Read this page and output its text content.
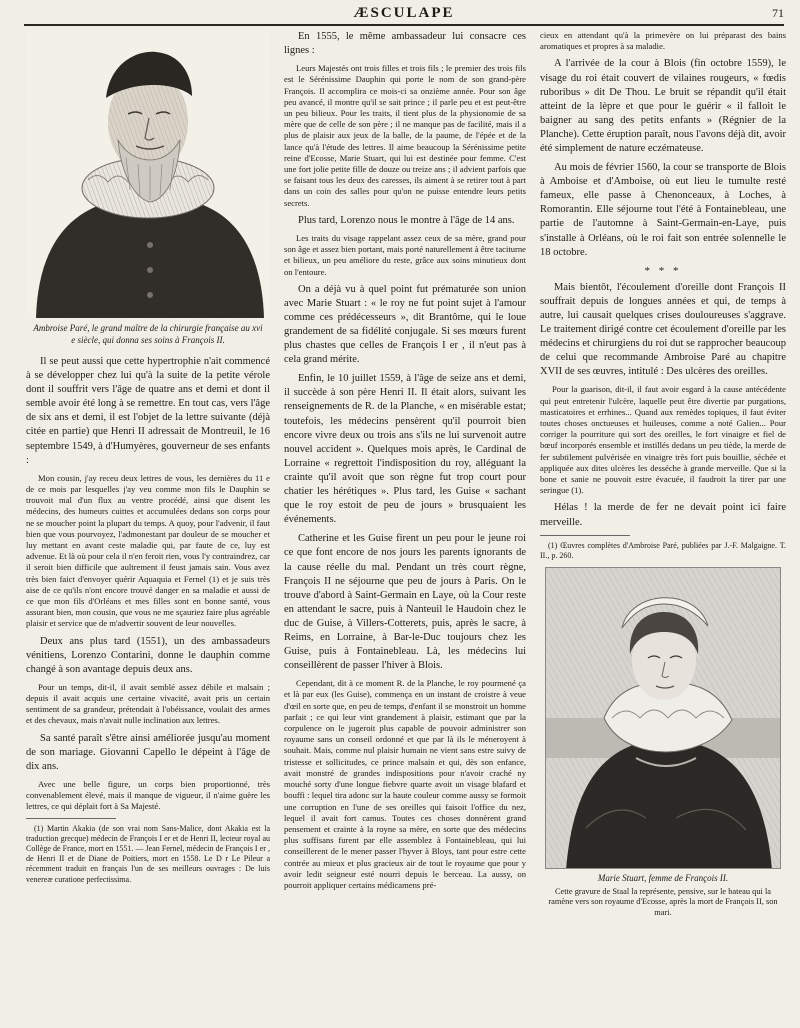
ÆSCULAPE	71

Ambroise Paré, le grand maître de la chirurgie française au xvi e siècle, qui donna ses soins à François II.

Il se peut aussi que cette hypertrophie n'ait commencé à se développer chez lui qu'à la suite de la petite vérole dont il souffrit vers l'âge de quatre ans et demi et dont il semble avoir été long à se remettre. En tout cas, vers l'âge de six ans et demi, il est l'objet de la lettre suivante (déjà citée en partie) que Henri II adressait de Montreuil, le 16 septembre 1549, à d'Humyères, gouverneur de ses enfants :

Mon cousin, j'ay receu deux lettres de vous, les dernières du 11 e de ce mois par lesquelles j'ay veu comme mon fils le Dauphin se trouvoit mal d'un flux au ventre procédé, ainsi que disent les médecins, des humeurs cuittes et accumulées dedans son corps pour ne se moucher point la plupart du temps. A quoy, pour l'advenir, il faut bien que vous pourvoyez, l'admonestant par douleur de se moucher et luy mettant en avant ceste maladie qui, par faute de ce, luy est advenue. Et là où pour cela il n'en feroit rien, vous l'y contraindrez, car il seroit bien difficile que aultrement il feust jamais sain. Vous avez très bien faict d'envoyer quérir Aquaquia et Fernel (1) et je suis très aise de ce qu'ils n'ont encore trouvé danger en sa maladie et aussi de ce que mon fils d'Orléans et mes filles sont en bonne santé, vous assurant bien, mon cousin, que vous ne me sçauriez faire plus agréable plaisir et service que de m'advertir souvent de leur nouvelles.

Deux ans plus tard (1551), un des ambassadeurs vénitiens, Lorenzo Contarini, donne le dauphin comme changé à son avantage depuis deux ans.

Pour un temps, dit-il, il avait semblé assez débile et malsain ; depuis il avait acquis une certaine vivacité, avait pris un certain sentiment de sa grandeur, prétendait à l'obéissance, voulait des armes et des chevaux, mais n'avait nulle inclination aux lettres.

Sa santé paraît s'être ainsi améliorée jusqu'au moment de son mariage. Giovanni Capello le dépeint à l'âge de dix ans.

Avec une belle figure, un corps bien proportionné, très convenablement élevé, mais il manque de vigueur, il n'aime guère les lettres, ce qui déplait fort à Sa Majesté.

(1) Martin Akakia (de son vrai nom Sans-Malice, dont Akakia est la traduction grecque) médecin de François I er et de Henri II, lecteur royal au Collège de France, mort en 1551. — Jean Fernel, médecin de François I er , de Henri II et de Diane de Poitiers, mort en 1558. Le D r Le Pileur a récemment traduit en français l'un de ses meilleurs ouvrages : De luis venereæ curatione perfectissima.

En 1555, le même ambassadeur lui consacre ces lignes :

Leurs Majestés ont trois filles et trois fils ; le premier des trois fils est le Sérénissime Dauphin qui porte le nom de son grand-père François. Il accomplira ce mois-ci sa onzième année. Pour son âge peu avancé, il montre qu'il se sait prince ; il parle peu et est peut-être un peu bilieux. Pour les traits, il tient plus de la physionomie de sa mère que de celle de son père ; il ne manque pas de facilité, mais il a plus de plaisir aux jeux de la balle, de la paume, de l'épée et de la lance qu'à l'étude des lettres. Il aime beaucoup la Sérénissime petite reine d'Ecosse, Marie Stuart, qui lui est destinée pour femme. C'est une fort jolie petite fille de douze ou treize ans ; il advient parfois que se faisant tous les deux des caresses, ils aiment à se retirer tout à part dans un coin des salles pour qu'on ne puisse entendre leurs petits secrets.

Plus tard, Lorenzo nous le montre à l'âge de 14 ans.

Les traits du visage rappelant assez ceux de sa mère, grand pour son âge et assez bien portant, mais porté naturellement à être taciturne et bilieux, un peu améliore du reste, grâce aux soins minutieux dont on l'entoure.

On a déjà vu à quel point fut prématurée son union avec Marie Stuart : « le roy ne fut point sujet à l'amour comme ces prédécesseurs », dit Brantôme, qui le loue grandement de sa fidélité conjugale. Si ses mœurs furent plus chastes que celles de François I er , il n'eut pas à cela grand mérite.

Enfin, le 10 juillet 1559, à l'âge de seize ans et demi, il succède à son père Henri II. Il était alors, suivant les renseignements de R. de la Planche, « en misérable estat; toutefois, les médecins pensèrent qu'il pourroit bien encore vivre deux ou trois ans s'ils ne lui survenoit autre nouvel accident ». Quelques mois après, le Cardinal de Lorraine « regrettoit l'indisposition du roy, alléguant la crainte qu'il avoit que son règne fut trop court pour chatier les hérétiques ». Plus tard, les Guise « sachant que le roy estoit de peu de jours » brusquaient les événements.

Catherine et les Guise firent un peu pour le jeune roi ce que font encore de nos jours les parents ignorants de la cause réelle du mal. Pendant un très court règne, François II ne séjourne que peu de jours à Paris. On le trouve d'abord à Saint-Germain en Laye, où la Cour reste en attendant le sacre, puis à Nanteuil le Haudoin chez le duc de Guise, à Villers-Cotterets, puis, après le sacre, à Reims, en Lorraine, à Bar-le-Duc toujours chez les Guise, puis à Fontainebleau. Là, les médecins lui conseillèrent de passer l'hiver à Blois.

Cependant, dit à ce moment R. de la Planche, le roy pourmené ça et là par eux (les Guise), commença en un instant de croistre à veue d'œil en sorte que, en peu de temps, d'enfant il se monstroit un homme parfait ; ce qui leur vint grandement à plaisir, estimant que par la corpulence on le jugeroit plus capable de pouvoir administrer son royaume sans un conseil ordonné et que par là ils le méneroyent à souhait. Mais, comme nul plaisir humain ne vient sans estre suivy de tristesse et sollicitudes, ce prince malsain et qui, dès son enfance, avait monstré de grandes indispositions pour n'avoir craché ny mouché sorty d'une longue fiebvre quarte avoit un visage blafard et bouffi : lequel tira adonc sur la haute couleur comme aussy se formoit une corruption en l'une de ses oreilles qui faisoit l'office du nez, lequel il avait fort camus. Toutes ces choses donnèrent grand pensement et crainte à la royne sa mère, en sorte que des médecins plus suffisans furent par elle assemblez à Fontainebleau, qui lui conseillerent de le mener passer l'hyver à Bloys, tant pour estre cette contrée au mieux et plus gracieux air de tout le royaume que pour y avoir ledit seigneur esté nourri depuis le berceau. La aussy, on pourroit appliquer certains médicamens pré-

cieux en attendant qu'à la primevère on lui préparast des bains aromatiques et propres à sa maladie.

A l'arrivée de la cour à Blois (fin octobre 1559), le visage du roi était couvert de vilaines rougeurs, « fœdis ruboribus » dit De Thou. Le bruit se répandit qu'il était atteint de la lèpre et que pour le guérir « il falloit le baigner au sang des petits enfants » (Régnier de la Planche). Cette éruption paraît, nous l'avons déjà dit, avoir été simplement de nature eczémateuse.

Au mois de février 1560, la cour se transporte de Blois à Amboise et d'Amboise, où eut lieu le tumulte resté fameux, elle passe à Chenonceaux, à Loches, à Romorantin. Elle séjourne tout l'été à Fontainebleau, une partie de l'automne à Saint-Germain-en-Laye, puis s'installe à Orléans, où le roi fait son entrée solennelle le 18 octobre.

* * *

Mais bientôt, l'écoulement d'oreille dont François II souffrait depuis de longues années et qui, de temps à autre, lui causait quelques crises douloureuses s'aggrave. Le traitement dirigé contre cet écoulement d'oreille par les médecins et chirurgiens du roi dut se rapprocher beaucoup de celui que recommande Ambroise Paré au chapitre XVII de ses œuvres, intitulé : Des ulcères des oreilles.

Pour la guarison, dit-il, il faut avoir esgard à la cause antécédente qui peut entretenir l'ulcère, laquelle peut être divertie par purgations, masticatoires et errhines... Quand aux remèdes topiques, il faut éviter toutes choses onctueuses et huileuses, comme a noté Galien... Pour corriger la pourriture qui sort des oreilles, le fort vinaigre et fiel de bœuf incorporés ensemble et instillés dedans un peu tiède, la merde de fer subtilement pulvérisée en vinaigre très fort puis bouillie, séchée et appliquée aux dites ulcères les desséche à grande merveille. Que si la bone et sanie ne pouvoit estre évacuée, il faudroit la tirer par une seringue (1).

Hélas ! la merde de fer ne devait point ici faire merveille.

(1) Œuvres complètes d'Ambroise Paré, publiées par J.-F. Malgaigne. T. II., p. 260.

Marie Stuart, femme de François II.

Cette gravure de Staal la représente, pensive, sur le bateau qui la ramène vers son royaume d'Ecosse, après la mort de François II, son mari.
